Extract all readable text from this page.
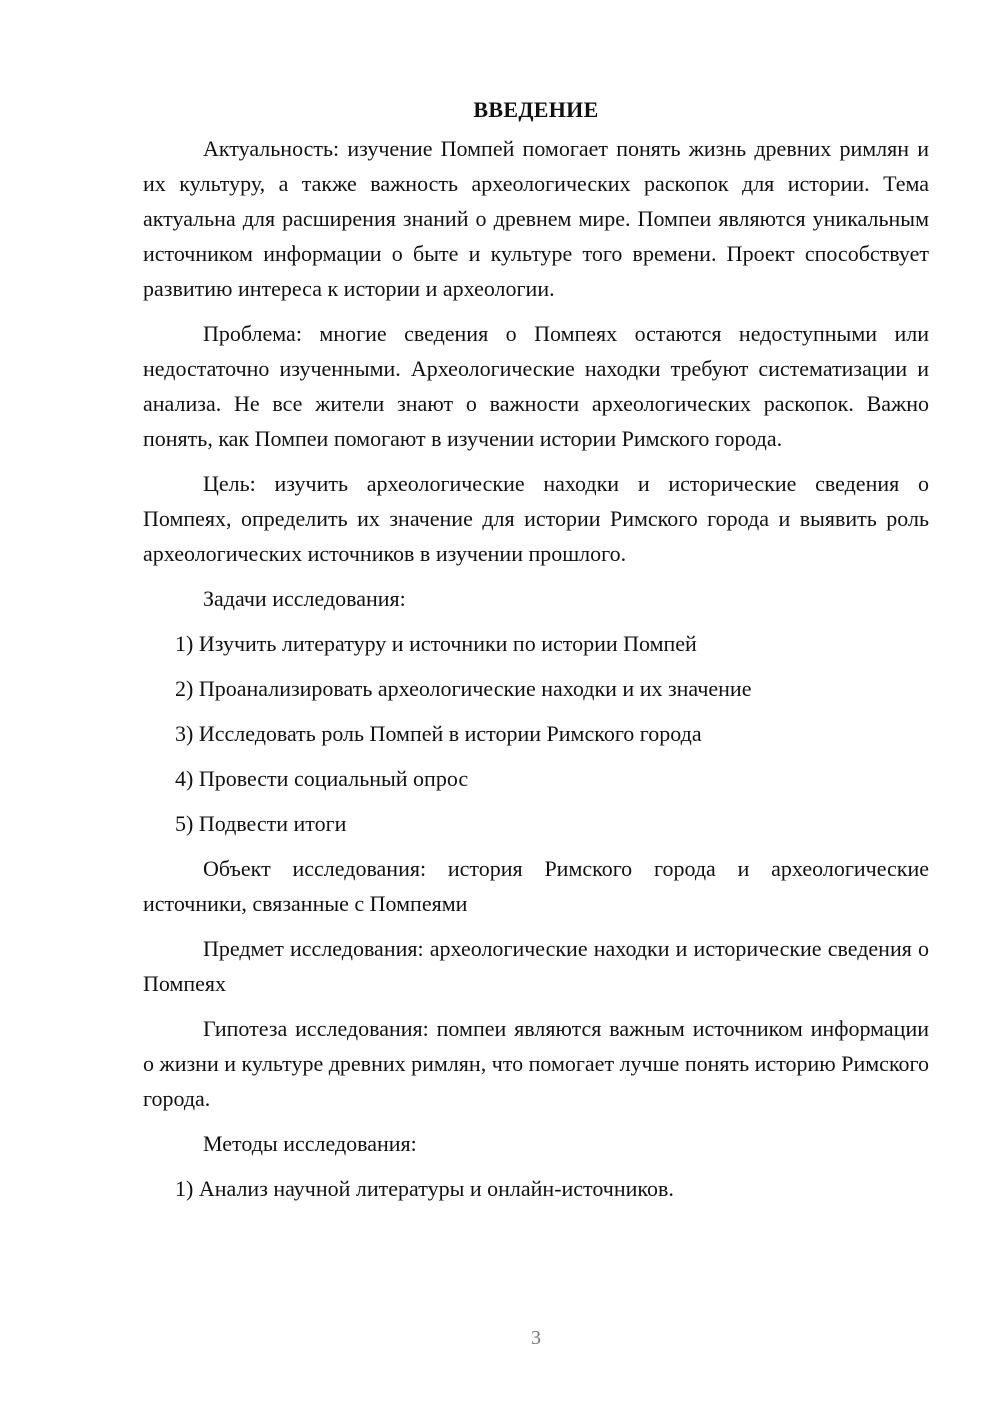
ВВЕДЕНИЕ

Актуальность: изучение Помпей помогает понять жизнь древних римлян и их культуру, а также важность археологических раскопок для истории. Тема актуальна для расширения знаний о древнем мире. Помпеи являются уникальным источником информации о быте и культуре того времени. Проект способствует развитию интереса к истории и археологии.

Проблема: многие сведения о Помпеях остаются недоступными или недостаточно изученными. Археологические находки требуют систематизации и анализа. Не все жители знают о важности археологических раскопок. Важно понять, как Помпеи помогают в изучении истории Римского города.

Цель: изучить археологические находки и исторические сведения о Помпеях, определить их значение для истории Римского города и выявить роль археологических источников в изучении прошлого.

Задачи исследования:

1 ) Изучить литературу и источники по истории Помпей
2 ) Проанализировать археологические находки и их значение
3 ) Исследовать роль Помпей в истории Римского города
4 ) Провести социальный опрос
5 ) Подвести итоги

Объект исследования: история Римского города и археологические источники, связанные с Помпеями

Предмет исследования: археологические находки и исторические сведения о Помпеях

Гипотеза исследования: помпеи являются важным источником информации о жизни и культуре древних римлян, что помогает лучше понять историю Римского города.

Методы исследования:

1 ) Анализ научной литературы и онлайн-источников.
3
